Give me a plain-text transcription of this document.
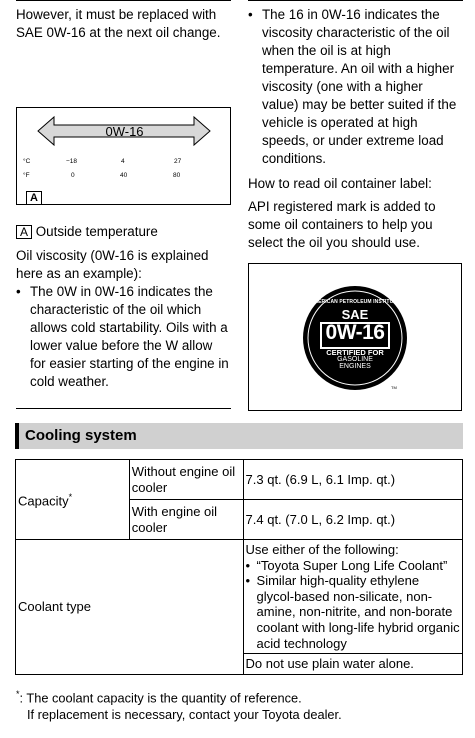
However, it must be replaced with SAE 0W-16 at the next oil change.
0W-16
°C	−18	4	27
°F	0	40	80
A
A Outside temperature
Oil viscosity (0W-16 is explained here as an example):
• The 0W in 0W-16 indicates the characteristic of the oil which allows cold startability. Oils with a lower value before the W allow for easier starting of the engine in cold weather.
• The 16 in 0W-16 indicates the viscosity characteristic of the oil when the oil is at high temperature. An oil with a higher viscosity (one with a higher value) may be better suited if the vehicle is operated at high speeds, or under extreme load conditions.
How to read oil container label:
API registered mark is added to some oil containers to help you select the oil you should use.
AMERICAN PETROLEUM INSTITUTE
SAE
0W-16
CERTIFIED FOR
GASOLINE
ENGINES
TM
Cooling system
Capacity*	Without engine oil cooler	7.3 qt. (6.9 L, 6.1 Imp. qt.)
	With engine oil cooler	7.4 qt. (7.0 L, 6.2 Imp. qt.)
Coolant type		Use either of the following:
• “Toyota Super Long Life Coolant”
• Similar high-quality ethylene glycol-based non-silicate, non-amine, non-nitrite, and non-borate coolant with long-life hybrid organic acid technology

		Do not use plain water alone.
*: The coolant capacity is the quantity of reference.
If replacement is necessary, contact your Toyota dealer.
